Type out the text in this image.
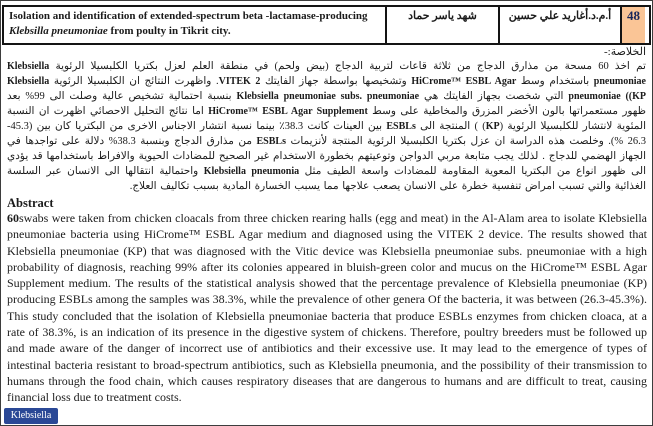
Isolation and identification of extended-spectrum beta -lactamase-producing Klebsilla pneumoniae from poulty in Tikrit city.
شهد ياسر حماد	أ.م.د.أغاريد علي حسين	48
الخلاصة:-
تم اخذ 60 مسحة من مذارق الدجاج من ثلاثة قاعات لتربية الدجاج (بيض ولحم) في منطقة العلم لعزل بكتريا الكلبسيلا الرئوية Klebsiella pneumoniae باستخدام وسط HiCrome™ ESBL Agar وتشخيصها بواسطة جهاز الفايتك VITEK 2. واظهرت النتائج ان الكلبسيلا الرئوية Klebsiella pneumoniae ((KP التي شخصت بجهاز الفايتك هي Klebsiella pneumoniae subs. pneumoniae بنسبة احتمالية تشخيص عالية وصلت الى 99% بعد ظهور مستعمراتها بالون الأخضر المزرق والمخاطية على وسط HiCrome™ ESBL Agar Supplement اما نتائج التحليل الاحصائي اظهرت ان النسبة المئوية لانتشار للكلبسيلا الرئوية (KP) ) المنتجة الى ESBLs بين العينات كانت 38.3٪ بينما نسبة انتشار الاجناس الاخرى من البكتريا كان بين (45.3- 26.3 %). وخلصت هذه الدراسة ان عزل بكتريا الكلبسيلا الرئوية المنتجة لأنزيمات ESBLs من مذارق الدجاج وبنسبة 38.3% دلالة على تواجدها في الجهاز الهضمي للدجاج . لذلك يجب متابعة مربي الدواجن وتوعيتهم بخطورة الاستخدام غير الصحيح للمضادات الحيوية والافراط باستخدامها قد يؤدي الى ظهور انواع من البكتريا المعوية المقاومة للمضادات واسعة الطيف مثل Klebsiella pneumonia واحتمالية انتقالها الى الانسان عبر السلسة الغذائية والتي تسبب امراض تنفسية خطرة على الانسان يصعب علاجها مما يسبب الخسارة المادية بسبب تكاليف العلاج.
Abstract
60swabs were taken from chicken cloacals from three chicken rearing halls (egg and meat) in the Al-Alam area to isolate Klebsiella pneumoniae bacteria using HiCrome™ ESBL Agar medium and diagnosed using the VITEK 2 device. The results showed that Klebsiella pneumoniae (KP) that was diagnosed with the Vitic device was Klebsiella pneumoniae subs. pneumoniae with a high probability of diagnosis, reaching 99% after its colonies appeared in bluish-green color and mucus on the HiCrome™ ESBL Agar Supplement medium. The results of the statistical analysis showed that the percentage prevalence of Klebsiella pneumoniae (KP) producing ESBLs among the samples was 38.3%, while the prevalence of other genera Of the bacteria, it was between (26.3-45.3%). This study concluded that the isolation of Klebsiella pneumoniae bacteria that produce ESBLs enzymes from chicken cloaca, at a rate of 38.3%, is an indication of its presence in the digestive system of chickens. Therefore, poultry breeders must be followed up and made aware of the danger of incorrect use of antibiotics and their excessive use. It may lead to the emergence of types of intestinal bacteria resistant to broad-spectrum antibiotics, such as Klebsiella pneumonia, and the possibility of their transmission to humans through the food chain, which causes respiratory diseases that are dangerous to humans and are difficult to treat, causing financial loss due to treatment costs.
Klebsiella
